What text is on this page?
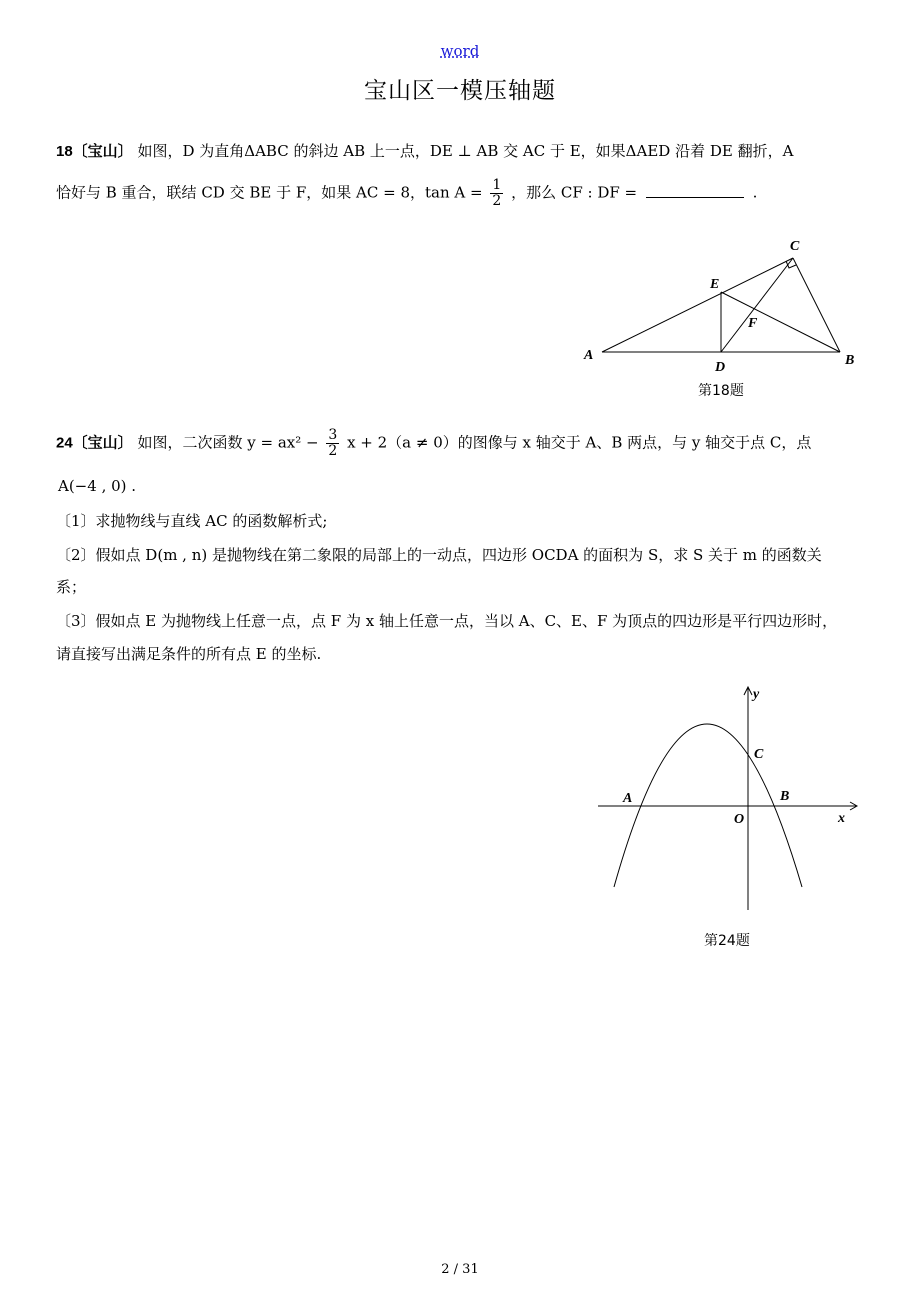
word
宝山区一模压轴题
18〔宝山〕 如图，D 为直角ΔABC 的斜边 AB 上一点，DE ⊥ AB 交 AC 于 E，如果ΔAED 沿着 DE 翻折，A
恰好与 B 重合，联结 CD 交 BE 于 F，如果 AC = 8，$\tan A = \frac{1}{2}$ ，那么 CF : DF =	.
C
E
F
A
D	B
第18题
24〔宝山〕 如图，二次函数 $y = ax^2 - \frac{3}{2}$ x + 2（a ≠ 0）的图像与 x 轴交于 A、B 两点，与 y 轴交于点 C，点
A(−4 , 0) .
〔1〕求抛物线与直线 AC 的函数解析式;
〔2〕假如点 D(m , n) 是抛物线在第二象限的局部上的一动点，四边形 OCDA 的面积为 S，求 S 关于 m 的函数关
系；
〔3〕假如点 E 为抛物线上任意一点，点 F 为 x 轴上任意一点，当以 A、C、E、F 为顶点的四边形是平行四边形时，
请直接写出满足条件的所有点 E 的坐标.
y
C
A	B
O	x
第24题
2 / 31
